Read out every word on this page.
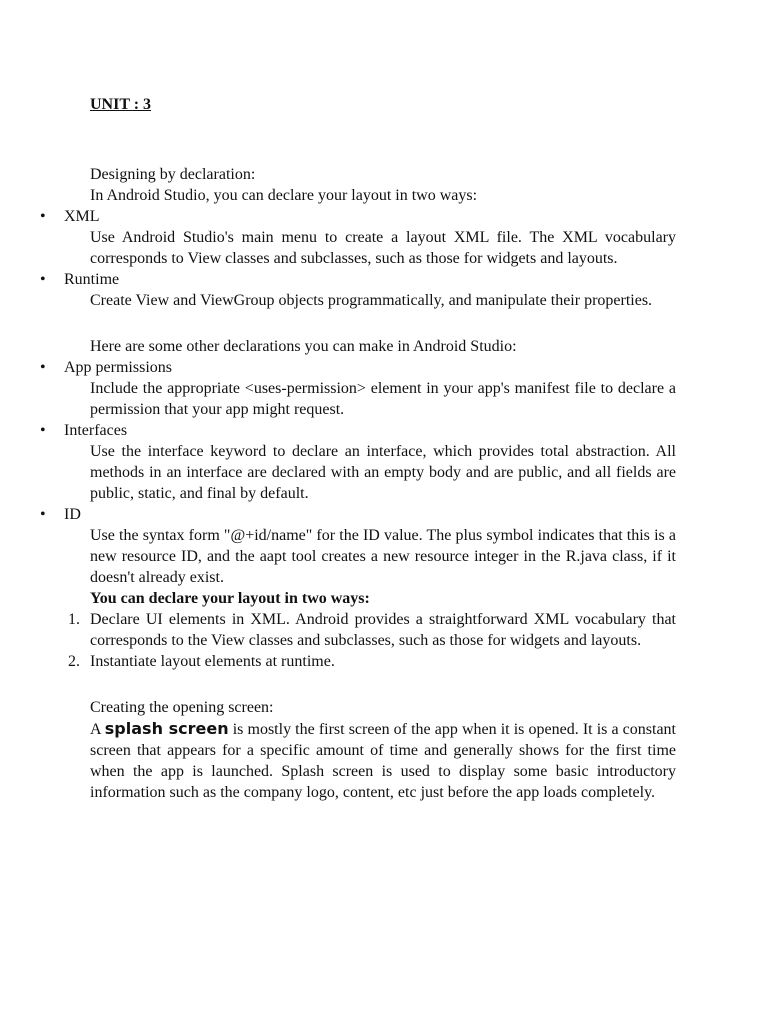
UNIT : 3
Designing by declaration:
In Android Studio, you can declare your layout in two ways:
• XML
Use Android Studio's main menu to create a layout XML file. The XML vocabulary corresponds to View classes and subclasses, such as those for widgets and layouts.
• Runtime
Create View and ViewGroup objects programmatically, and manipulate their properties.
Here are some other declarations you can make in Android Studio:
• App permissions
Include the appropriate <uses-permission> element in your app's manifest file to declare a permission that your app might request.
• Interfaces
Use the interface keyword to declare an interface, which provides total abstraction. All methods in an interface are declared with an empty body and are public, and all fields are public, static, and final by default.
• ID
Use the syntax form "@+id/name" for the ID value. The plus symbol indicates that this is a new resource ID, and the aapt tool creates a new resource integer in the R.java class, if it doesn't already exist.
You can declare your layout in two ways:
1. Declare UI elements in XML. Android provides a straightforward XML vocabulary that corresponds to the View classes and subclasses, such as those for widgets and layouts.
2. Instantiate layout elements at runtime.
Creating the opening screen:
A splash screen is mostly the first screen of the app when it is opened. It is a constant screen that appears for a specific amount of time and generally shows for the first time when the app is launched. Splash screen is used to display some basic introductory information such as the company logo, content, etc just before the app loads completely.
